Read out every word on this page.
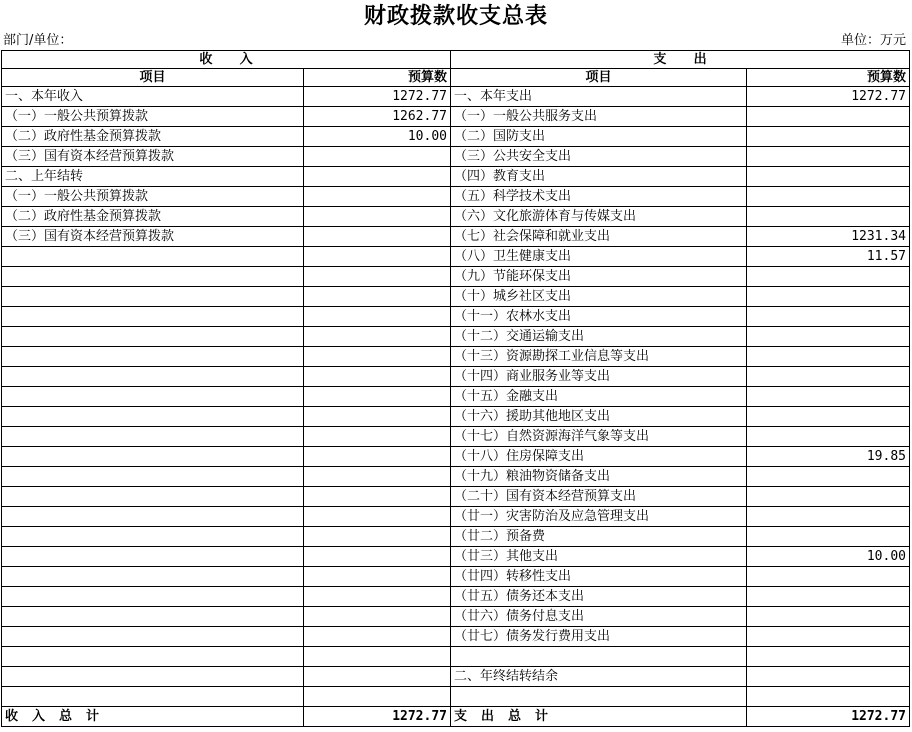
财政拨款收支总表
部门/单位：	单位：万元
收      入		支      出	
项目	预算数	项目	预算数
一、本年收入	1272.77	一、本年支出	1272.77
（一）一般公共预算拨款	1262.77	（一）一般公共服务支出	
（二）政府性基金预算拨款	10.00	（二）国防支出	
（三）国有资本经营预算拨款		（三）公共安全支出	
二、上年结转		（四）教育支出	
（一）一般公共预算拨款		（五）科学技术支出	
（二）政府性基金预算拨款		（六）文化旅游体育与传媒支出	
（三）国有资本经营预算拨款		（七）社会保障和就业支出	1231.34
		（八）卫生健康支出	11.57
		（九）节能环保支出	
		（十）城乡社区支出	
		（十一）农林水支出	
		（十二）交通运输支出	
		（十三）资源勘探工业信息等支出	
		（十四）商业服务业等支出	
		（十五）金融支出	
		（十六）援助其他地区支出	
		（十七）自然资源海洋气象等支出	
		（十八）住房保障支出	19.85
		（十九）粮油物资储备支出	
		（二十）国有资本经营预算支出	
		（廿一）灾害防治及应急管理支出	
		（廿二）预备费	
		（廿三）其他支出	10.00
		（廿四）转移性支出	
		（廿五）债务还本支出	
		（廿六）债务付息支出	
		（廿七）债务发行费用支出	

		二、年终结转结余	

收入总计	1272.77	支出总计	1272.77
